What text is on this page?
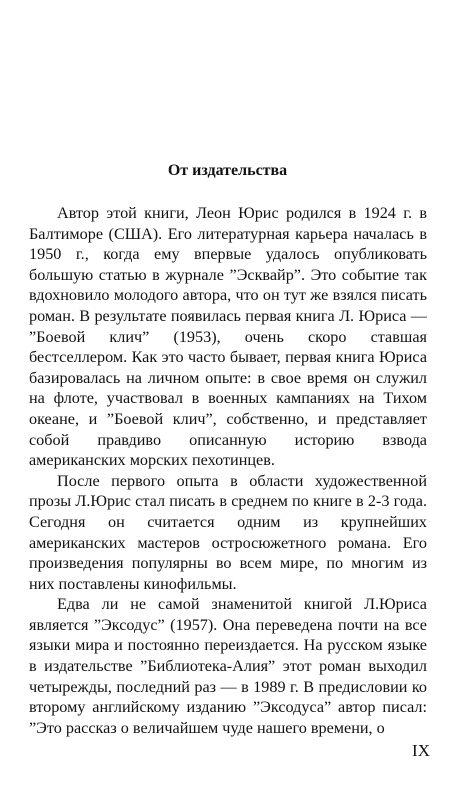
От издательства

Автор этой книги, Леон Юрис родился в 1924 г. в Балтиморе (США). Его литературная карьера началась в 1950 г., когда ему впервые удалось опубликовать большую статью в журнале ”Эсквайр”. Это событие так вдохновило молодого автора, что он тут же взялся писать роман. В результате появилась первая книга Л. Юриса — ”Боевой клич” (1953), очень скоро ставшая бестселлером. Как это часто бывает, первая книга Юриса базировалась на личном опыте: в свое время он служил на флоте, участвовал в военных кампаниях на Тихом океане, и ”Боевой клич”, собственно, и представляет собой правдиво описанную историю взвода американских морских пехотинцев.

После первого опыта в области художественной прозы Л.Юрис стал писать в среднем по книге в 2-3 года. Сегодня он считается одним из крупнейших американских мастеров остросюжетного романа. Его произведения популярны во всем мире, по многим из них поставлены кинофильмы.

Едва ли не самой знаменитой книгой Л.Юриса является ”Эксодус” (1957). Она переведена почти на все языки мира и постоянно переиздается. На русском языке в издательстве ”Библиотека-Алия” этот роман выходил четырежды, последний раз — в 1989 г. В предисловии ко второму английскому изданию ”Эксодуса” автор писал: ”Это рассказ о величайшем чуде нашего времени, о

IX
